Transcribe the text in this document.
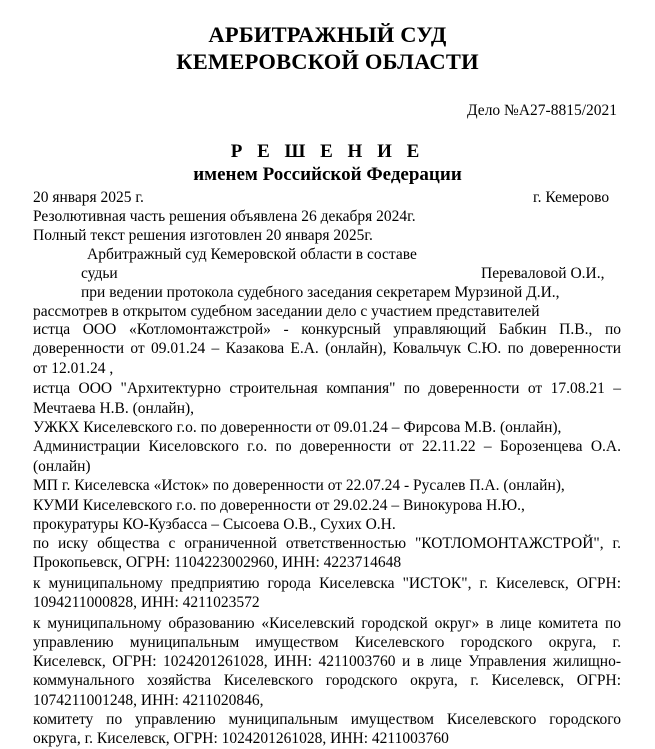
АРБИТРАЖНЫЙ СУД
КЕМЕРОВСКОЙ ОБЛАСТИ
Дело №А27-8815/2021
Р Е Ш Е Н И Е
именем Российской Федерации
20 января 2025 г.	г. Кемерово
Резолютивная часть решения объявлена 26 декабря 2024г.
Полный текст решения изготовлен 20 января 2025г.
Арбитражный суд Кемеровской области в составе
судьи	Переваловой О.И.,
при ведении протокола судебного заседания секретарем Мурзиной Д.И.,
рассмотрев в открытом судебном заседании дело с участием представителей
истца ООО «Котломонтажстрой» - конкурсный управляющий Бабкин П.В., по
доверенности от 09.01.24 – Казакова Е.А. (онлайн), Ковальчук С.Ю. по доверенности
от 12.01.24 ,
истца ООО "Архитектурно строительная компания" по доверенности от 17.08.21 –
Мечтаева Н.В. (онлайн),
УЖКХ Киселевского г.о. по доверенности от 09.01.24 – Фирсова М.В. (онлайн),
Администрации Киселовского г.о. по доверенности от 22.11.22 – Борозенцева О.А.
(онлайн)
МП г. Киселевска «Исток» по доверенности от 22.07.24 - Русалев П.А. (онлайн),
КУМИ Киселевского г.о. по доверенности от 29.02.24 – Винокурова Н.Ю.,
прокуратуры КО-Кузбасса – Сысоева О.В., Сухих О.Н.
по иску общества с ограниченной ответственностью "КОТЛОМОНТАЖСТРОЙ", г.
Прокопьевск, ОГРН: 1104223002960, ИНН: 4223714648
к муниципальному предприятию города Киселевска "ИСТОК", г. Киселевск, ОГРН:
1094211000828, ИНН: 4211023572
к муниципальному образованию «Киселевский городской округ» в лице комитета по
управлению муниципальным имуществом Киселевского городского округа, г.
Киселевск, ОГРН: 1024201261028, ИНН: 4211003760 и в лице Управления жилищно-
коммунального хозяйства Киселевского городского округа, г. Киселевск, ОГРН:
1074211001248, ИНН: 4211020846,
комитету по управлению муниципальным имуществом Киселевского городского
округа, г. Киселевск, ОГРН: 1024201261028, ИНН: 4211003760
